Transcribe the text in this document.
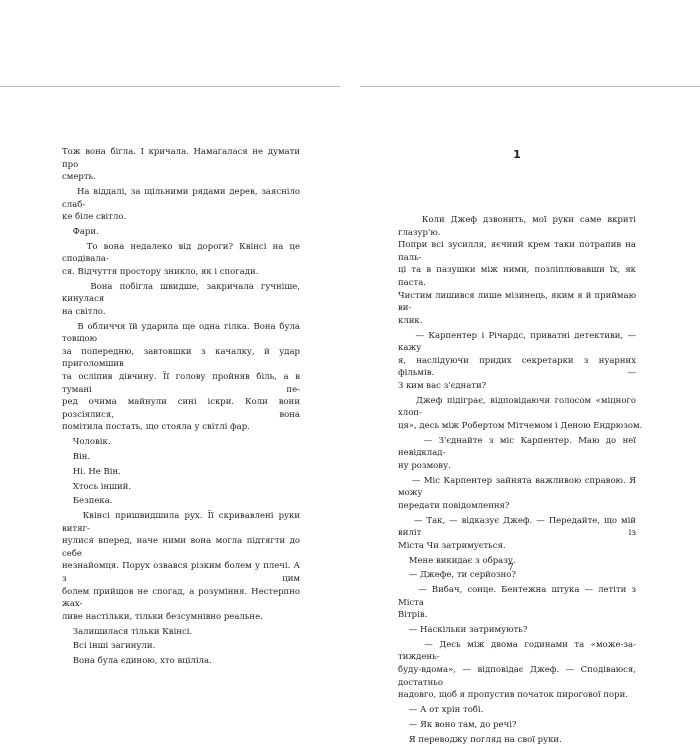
Тож вона бігла. І кричала. Намагалася не думати про

смерть.

На віддалі, за щільними рядами дерев, заясніло слаб-

ке біле світло.

Фари.

То вона недалеко від дороги? Квінсі на це сподівала-

ся. Відчуття простору зникло, як і спогади.

Вона побігла швидше, закричала гучніше, кинулася

на світло.

В обличчя їй ударила ще одна гілка. Вона була товщою

за попередню, завтовшки з качалку, й удар приголомшив

та осліпив дівчину. Її голову пройняв біль, а в тумані пе-

ред очима майнули сині іскри. Коли вони розсіялися, вона

помітила постать, що стояла у світлі фар.

Чоловік.

Він.

Ні. Не Він.

Хтось інший.

Безпека.

Квінсі пришвидшила рух. Її скривавлені руки витяг-

нулися вперед, наче ними вона могла підтягти до себе

незнайомця. Порух озвався різким болем у плечі. А з цим

болем прийшов не спогад, а розуміння. Нестерпно жах-

ливе настільки, тільки безсумнівно реальне.

Залишилася тільки Квінсі.

Всі інші загинули.

Вона була єдиною, хто вціліла.

1

Коли Джеф дзвонить, мої руки саме вкриті глазур'ю.

Попри всі зусилля, яєчний крем таки потрапив на паль-

ці та в пазушки між ними, позліплювавши їх, як паста.

Чистим лишився лише мізинець, яким я й приймаю ви-

клик.

— Карпентер і Річардс, приватні детективи, — кажу

я, наслідуючи придих секретарки з нуарних фільмів. —

З ким вас з'єднати?

Джеф підіграє, відповідаючи голосом «міцного хлоп-

ця», десь між Робертом Мітчемом і Деною Ендрюзом.

— З'єднайте з міс Карпентер. Маю до неї невідклад-

ну розмову.

— Міс Карпентер зайнята важливою справою. Я можу

передати повідомлення?

— Так, — відказує Джеф. — Передайте, що мій виліт із

Міста Чи затримується.

Мене викидає з образу.

— Джефе, ти серйозно?

— Вибач, сонце. Бентежна штука — летіти з Міста

Вітрів.

— Наскільки затримують?

— Десь між двома годинами та «може-за-тиждень-

буду-вдома», — відповідає Джеф. — Сподіваюся, достатньо

надовго, щоб я пропустив початок пирогової пори.

— А от хрін тобі.

— Як воно там, до речі?

Я переводжу погляд на свої руки.

7
